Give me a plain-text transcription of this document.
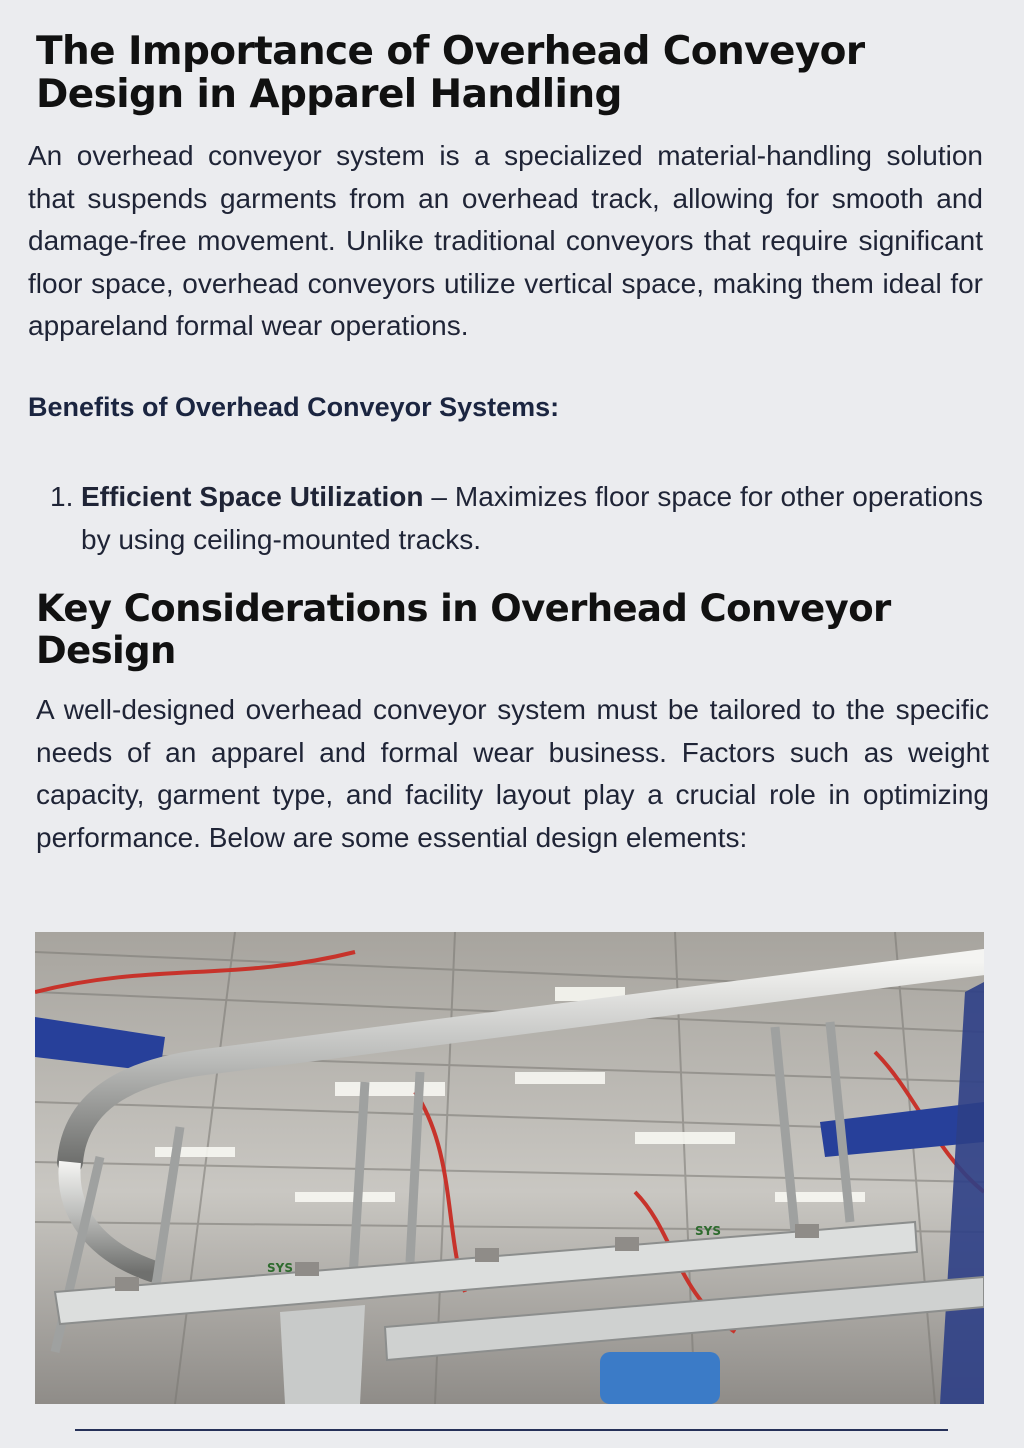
The Importance of Overhead Conveyor Design in Apparel Handling

An overhead conveyor system is a specialized material-handling solution that suspends garments from an overhead track, allowing for smooth and damage-free movement. Unlike traditional conveyors that require significant floor space, overhead conveyors utilize vertical space, making them ideal for appareland formal wear operations.

Benefits of Overhead Conveyor Systems:
1. Efficient Space Utilization – Maximizes floor space for other operations by using ceiling-mounted tracks.
Key Considerations in Overhead Conveyor Design

A well-designed overhead conveyor system must be tailored to the specific needs of an apparel and formal wear business. Factors such as weight capacity, garment type, and facility layout play a crucial role in optimizing performance. Below are some essential design elements:

SYS
SYS
